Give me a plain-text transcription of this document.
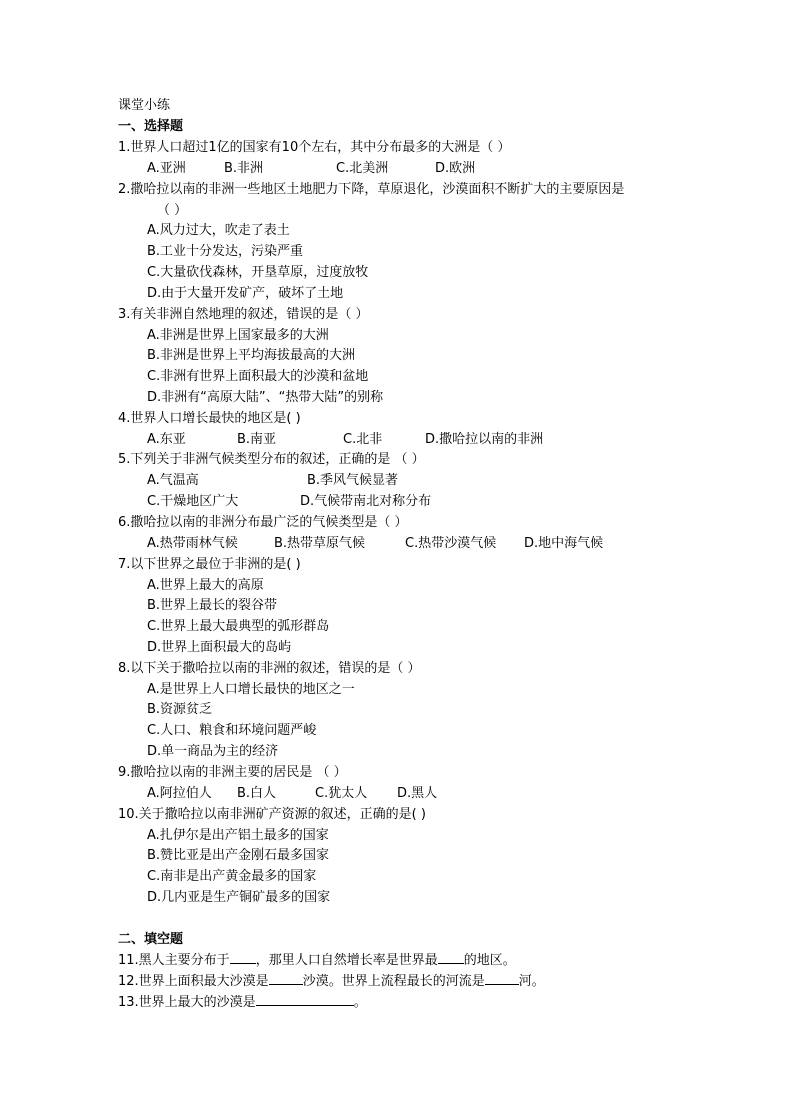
课堂小练
一、选择题
1.世界人口超过1亿的国家有10个左右，其中分布最多的大洲是（ ）
A.亚洲	B.非洲	C.北美洲	D.欧洲
2.撒哈拉以南的非洲一些地区土地肥力下降，草原退化，沙漠面积不断扩大的主要原因是
（ ）
A.风力过大，吹走了表土
B.工业十分发达，污染严重
C.大量砍伐森林，开垦草原，过度放牧
D.由于大量开发矿产，破坏了土地
3.有关非洲自然地理的叙述，错误的是（ ）
A.非洲是世界上国家最多的大洲
B.非洲是世界上平均海拔最高的大洲
C.非洲有世界上面积最大的沙漠和盆地
D.非洲有“高原大陆”、“热带大陆”的别称
4.世界人口增长最快的地区是( )
A.东亚	B.南亚	C.北非	D.撒哈拉以南的非洲
5.下列关于非洲气候类型分布的叙述，正确的是 （ ）
A.气温高	B.季风气候显著
C.干燥地区广大	D.气候带南北对称分布
6.撒哈拉以南的非洲分布最广泛的气候类型是（ ）
A.热带雨林气候	B.热带草原气候	C.热带沙漠气候 D.地中海气候
7.以下世界之最位于非洲的是( )
A.世界上最大的高原
B.世界上最长的裂谷带
C.世界上最大最典型的弧形群岛
D.世界上面积最大的岛屿
8.以下关于撒哈拉以南的非洲的叙述，错误的是（ ）
A.是世界上人口增长最快的地区之一
B.资源贫乏
C.人口、粮食和环境问题严峻
D.单一商品为主的经济
9.撒哈拉以南的非洲主要的居民是 （ ）
A.阿拉伯人 B.白人	C.犹太人 D.黑人
10.关于撒哈拉以南非洲矿产资源的叙述，正确的是( )
A.扎伊尔是出产铝土最多的国家
B.赞比亚是出产金刚石最多国家
C.南非是出产黄金最多的国家
D.几内亚是生产铜矿最多的国家
二、填空题
11.黑人主要分布于 ，那里人口自然增长率是世界最 的地区。
12.世界上面积最大沙漠是	沙漠。世界上流程最长的河流是	河。
13.世界上最大的沙漠是	。
